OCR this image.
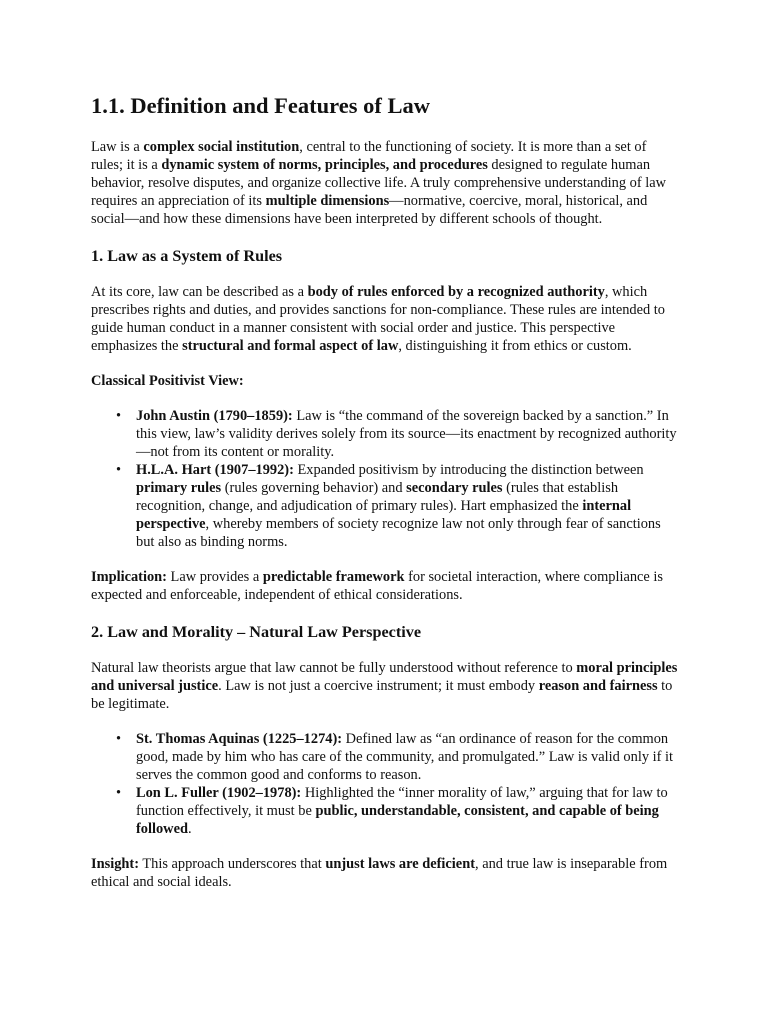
1.1. Definition and Features of Law

Law is a complex social institution, central to the functioning of society. It is more than a set of rules; it is a dynamic system of norms, principles, and procedures designed to regulate human behavior, resolve disputes, and organize collective life. A truly comprehensive understanding of law requires an appreciation of its multiple dimensions—normative, coercive, moral, historical, and social—and how these dimensions have been interpreted by different schools of thought.

1. Law as a System of Rules

At its core, law can be described as a body of rules enforced by a recognized authority, which prescribes rights and duties, and provides sanctions for non-compliance. These rules are intended to guide human conduct in a manner consistent with social order and justice. This perspective emphasizes the structural and formal aspect of law, distinguishing it from ethics or custom.

Classical Positivist View:

• John Austin (1790–1859): Law is “the command of the sovereign backed by a sanction.” In this view, law’s validity derives solely from its source—its enactment by recognized authority—not from its content or morality.
• H.L.A. Hart (1907–1992): Expanded positivism by introducing the distinction between primary rules (rules governing behavior) and secondary rules (rules that establish recognition, change, and adjudication of primary rules). Hart emphasized the internal perspective, whereby members of society recognize law not only through fear of sanctions but also as binding norms.

Implication: Law provides a predictable framework for societal interaction, where compliance is expected and enforceable, independent of ethical considerations.

2. Law and Morality – Natural Law Perspective

Natural law theorists argue that law cannot be fully understood without reference to moral principles and universal justice. Law is not just a coercive instrument; it must embody reason and fairness to be legitimate.

• St. Thomas Aquinas (1225–1274): Defined law as “an ordinance of reason for the common good, made by him who has care of the community, and promulgated.” Law is valid only if it serves the common good and conforms to reason.
• Lon L. Fuller (1902–1978): Highlighted the “inner morality of law,” arguing that for law to function effectively, it must be public, understandable, consistent, and capable of being followed.

Insight: This approach underscores that unjust laws are deficient, and true law is inseparable from ethical and social ideals.
